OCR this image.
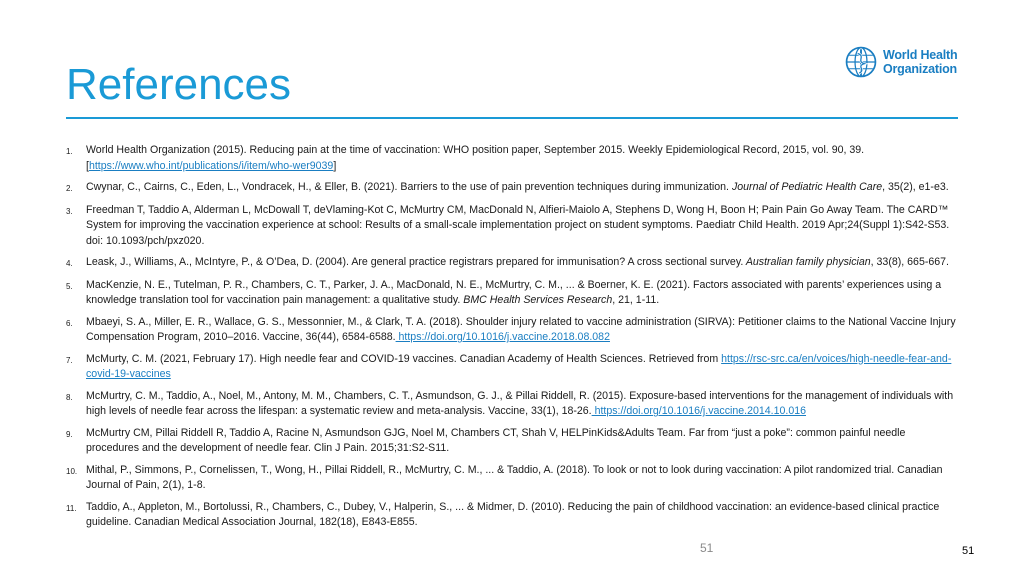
References
World Health
Organization
1.	World Health Organization (2015). Reducing pain at the time of vaccination: WHO position paper, September 2015. Weekly Epidemiological Record, 2015, vol. 90, 39. [https://www.who.int/publications/i/item/who-wer9039]
2.	Cwynar, C., Cairns, C., Eden, L., Vondracek, H., & Eller, B. (2021). Barriers to the use of pain prevention techniques during immunization. Journal of Pediatric Health Care, 35(2), e1-e3.
3.	Freedman T, Taddio A, Alderman L, McDowall T, deVlaming-Kot C, McMurtry CM, MacDonald N, Alfieri-Maiolo A, Stephens D, Wong H, Boon H; Pain Pain Go Away Team. The CARD™ System for improving the vaccination experience at school: Results of a small-scale implementation project on student symptoms. Paediatr Child Health. 2019 Apr;24(Suppl 1):S42-S53. doi: 10.1093/pch/pxz020.
4.	Leask, J., Williams, A., McIntyre, P., & O’Dea, D. (2004). Are general practice registrars prepared for immunisation? A cross sectional survey. Australian family physician, 33(8), 665-667.
5.	MacKenzie, N. E., Tutelman, P. R., Chambers, C. T., Parker, J. A., MacDonald, N. E., McMurtry, C. M., ... & Boerner, K. E. (2021). Factors associated with parents’ experiences using a knowledge translation tool for vaccination pain management: a qualitative study. BMC Health Services Research, 21, 1-11.
6.	Mbaeyi, S. A., Miller, E. R., Wallace, G. S., Messonnier, M., & Clark, T. A. (2018). Shoulder injury related to vaccine administration (SIRVA): Petitioner claims to the National Vaccine Injury Compensation Program, 2010–2016. Vaccine, 36(44), 6584-6588. https://doi.org/10.1016/j.vaccine.2018.08.082
7.	McMurty, C. M. (2021, February 17). High needle fear and COVID-19 vaccines. Canadian Academy of Health Sciences. Retrieved from https://rsc-src.ca/en/voices/high-needle-fear-and-covid-19-vaccines
8.	McMurtry, C. M., Taddio, A., Noel, M., Antony, M. M., Chambers, C. T., Asmundson, G. J., & Pillai Riddell, R. (2015). Exposure-based interventions for the management of individuals with high levels of needle fear across the lifespan: a systematic review and meta-analysis. Vaccine, 33(1), 18-26. https://doi.org/10.1016/j.vaccine.2014.10.016
9.	McMurtry CM, Pillai Riddell R, Taddio A, Racine N, Asmundson GJG, Noel M, Chambers CT, Shah V, HELPinKids&Adults Team. Far from “just a poke”: common painful needle procedures and the development of needle fear. Clin J Pain. 2015;31:S2-S11.
10. Mithal, P., Simmons, P., Cornelissen, T., Wong, H., Pillai Riddell, R., McMurtry, C. M., ... & Taddio, A. (2018). To look or not to look during vaccination: A pilot randomized trial. Canadian Journal of Pain, 2(1), 1-8.
11. Taddio, A., Appleton, M., Bortolussi, R., Chambers, C., Dubey, V., Halperin, S., ... & Midmer, D. (2010). Reducing the pain of childhood vaccination: an evidence-based clinical practice guideline. Canadian Medical Association Journal, 182(18), E843-E855.
51	51
